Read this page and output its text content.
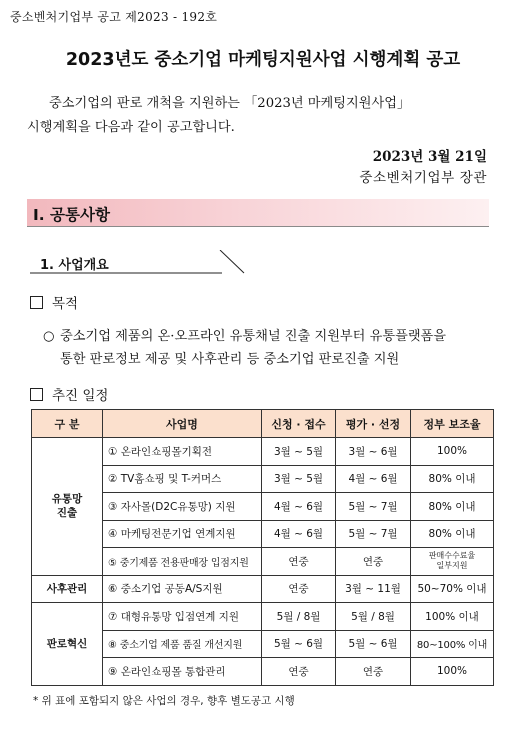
중소벤처기업부 공고 제2023 - 192호
2023년도 중소기업 마케팅지원사업 시행계획 공고
중소기업의 판로 개척을 지원하는 「2023년 마케팅지원사업」
시행계획을 다음과 같이 공고합니다.
2023년 3월 21일
중소벤처기업부 장관
Ⅰ. 공통사항
1. 사업개요
목적
○ 중소기업 제품의 온·오프라인 유통채널 진출 지원부터 유통플랫폼을
통한 판로정보 제공 및 사후관리 등 중소기업 판로진출 지원
추진 일정
구 분	사업명	신청 · 접수	평가 · 선정	정부 보조율
유통망
진출	① 온라인쇼핑몰기획전	3월 ~ 5월	3월 ~ 6월	100%
	② TV홈쇼핑 및 T-커머스	3월 ~ 5월	4월 ~ 6월	80% 이내
	③ 자사몰(D2C유통망) 지원	4월 ~ 6월	5월 ~ 7월	80% 이내
	④ 마케팅전문기업 연계지원	4월 ~ 6월	5월 ~ 7월	80% 이내
	⑤ 중기제품 전용판매장 입점지원	연중	연중	판매수수료율
일부지원
사후관리	⑥ 중소기업 공동A/S지원	연중	3월 ~ 11월	50~70% 이내
판로혁신	⑦ 대형유통망 입점연계 지원	5월 / 8월	5월 / 8월	100% 이내
	⑧ 중소기업 제품 품질 개선지원	5월 ~ 6월	5월 ~ 6월	80~100% 이내
	⑨ 온라인쇼핑몰 통합관리	연중	연중	100%
* 위 표에 포함되지 않은 사업의 경우, 향후 별도공고 시행
